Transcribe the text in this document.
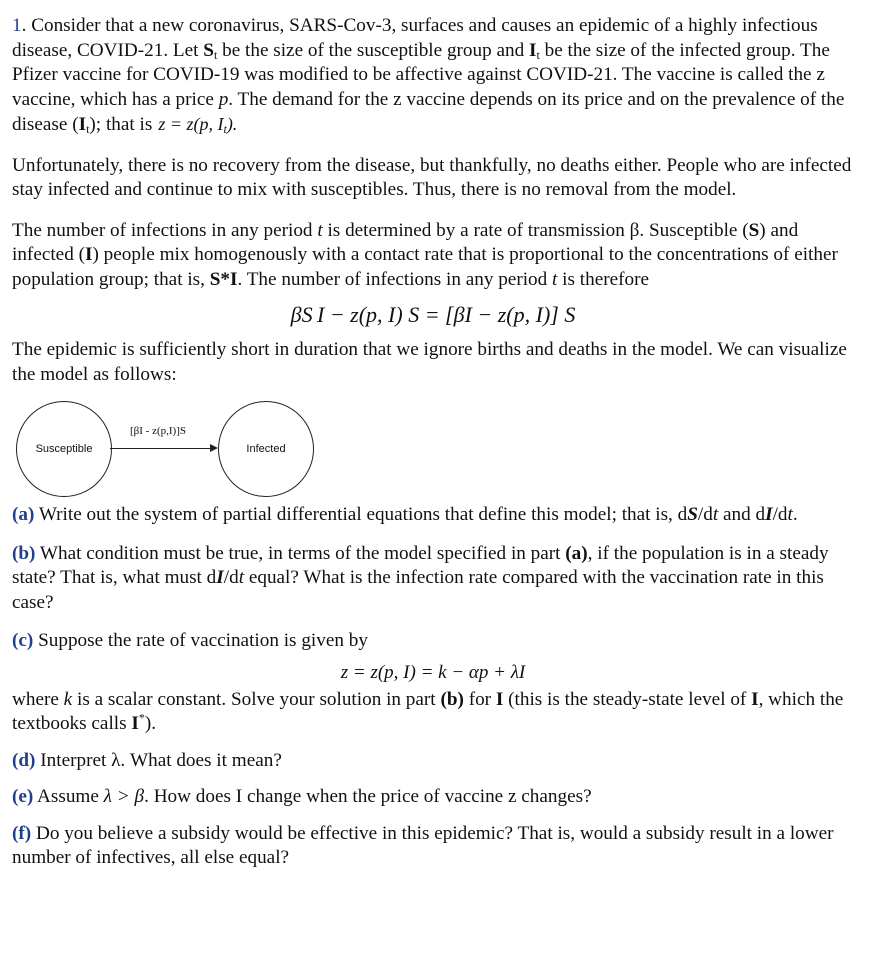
1. Consider that a new coronavirus, SARS-Cov-3, surfaces and causes an epidemic of a highly infectious disease, COVID-21. Let $S_t$ be the size of the susceptible group and $I_t$ be the size of the infected group. The Pfizer vaccine for COVID-19 was modified to be affective against COVID-21. The vaccine is called the z vaccine, which has a price p. The demand for the z vaccine depends on its price and on the prevalence of the disease $(I_t)$; that is z = z(p, $I_t$).

Unfortunately, there is no recovery from the disease, but thankfully, no deaths either. People who are infected stay infected and continue to mix with susceptibles. Thus, there is no removal from the model.

The number of infections in any period t is determined by a rate of transmission β. Susceptible (S) and infected (I) people mix homogenously with a contact rate that is proportional to the concentrations of either population group; that is, S*I. The number of infections in any period t is therefore

βS I − z(p, I) S = [βI − z(p, I)] S

The epidemic is sufficiently short in duration that we ignore births and deaths in the model. We can visualize the model as follows:

Susceptible
[βI - z(p,I)]S
Infected

(a) Write out the system of partial differential equations that define this model; that is, dS/dt and dI/dt.

(b) What condition must be true, in terms of the model specified in part (a), if the population is in a steady state? That is, what must dI/dt equal? What is the infection rate compared with the vaccination rate in this case?

(c) Suppose the rate of vaccination is given by

z = z(p, I) = k − αp + λI

where k is a scalar constant. Solve your solution in part (b) for I (this is the steady-state level of I, which the textbooks calls I*).

(d) Interpret λ. What does it mean?

(e) Assume λ > β. How does I change when the price of vaccine z changes?

(f) Do you believe a subsidy would be effective in this epidemic? That is, would a subsidy result in a lower number of infectives, all else equal?
